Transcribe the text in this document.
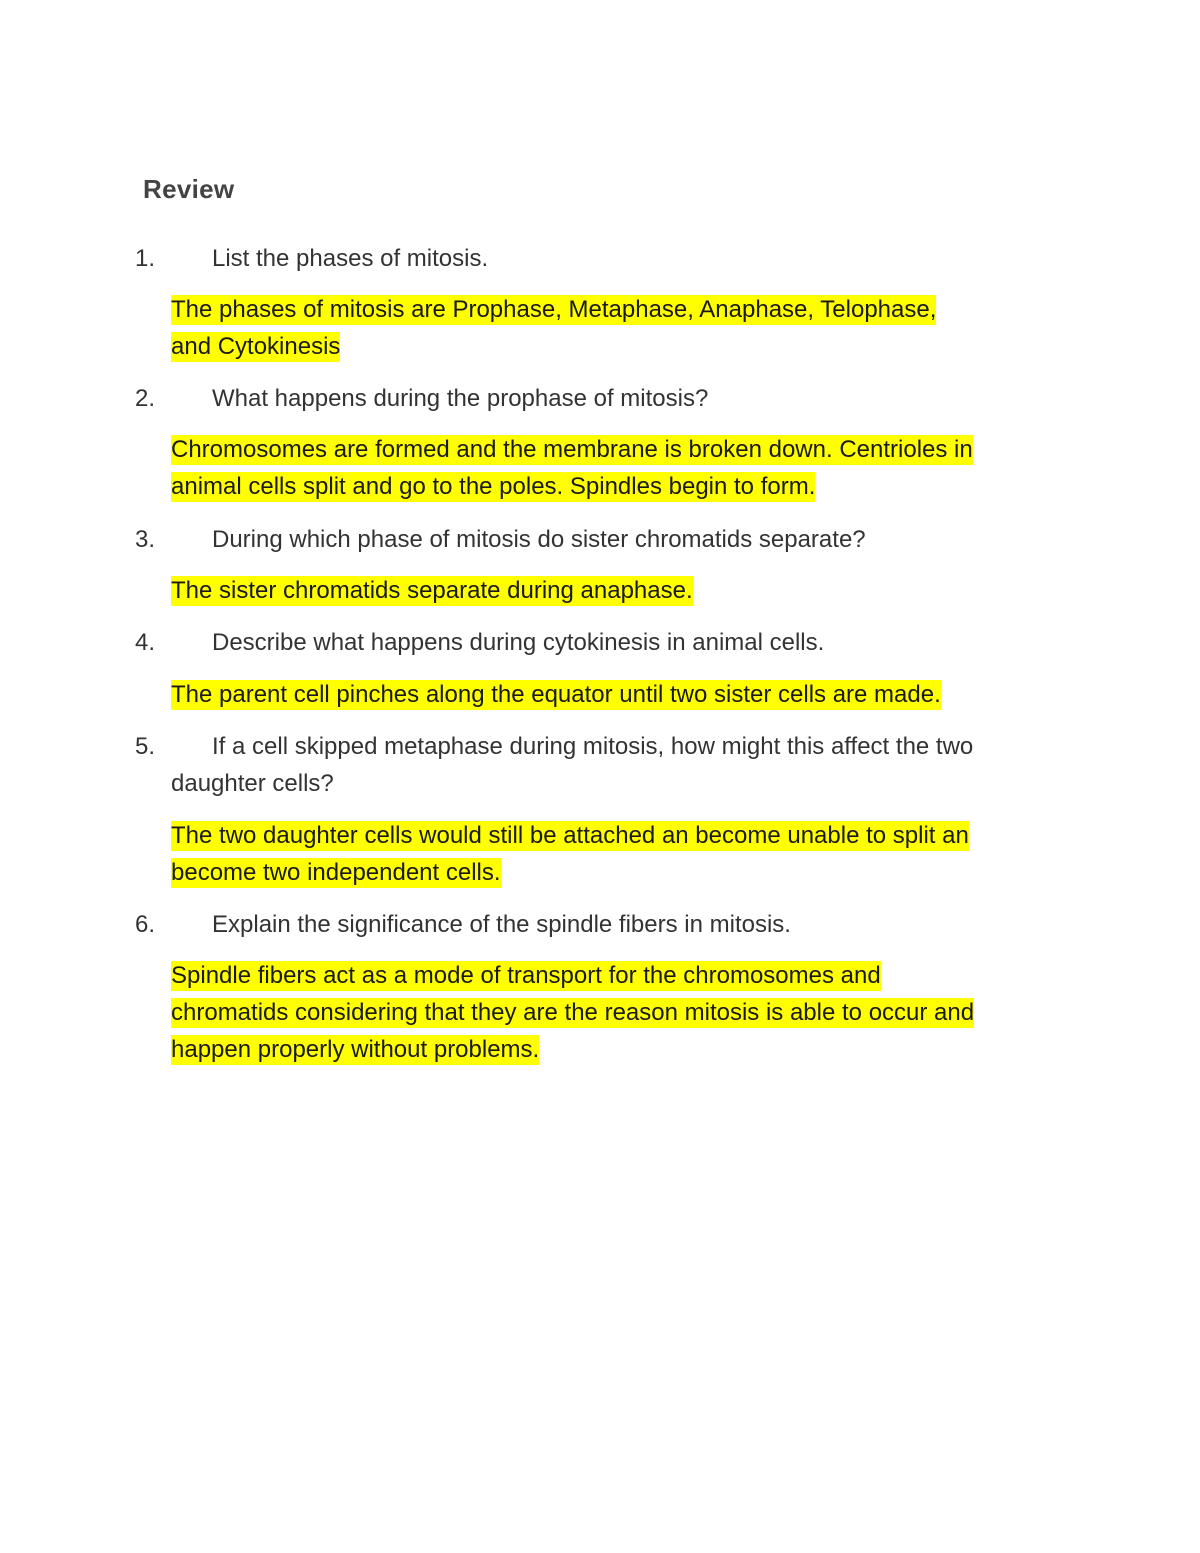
Review
1. List the phases of mitosis.
The phases of mitosis are Prophase, Metaphase, Anaphase, Telophase,
and Cytokinesis
2. What happens during the prophase of mitosis?
Chromosomes are formed and the membrane is broken down. Centrioles in
animal cells split and go to the poles. Spindles begin to form.
3. During which phase of mitosis do sister chromatids separate?
The sister chromatids separate during anaphase.
4. Describe what happens during cytokinesis in animal cells.
The parent cell pinches along the equator until two sister cells are made.
5. If a cell skipped metaphase during mitosis, how might this affect the two
daughter cells?
The two daughter cells would still be attached an become unable to split an
become two independent cells.
6. Explain the significance of the spindle fibers in mitosis.
Spindle fibers act as a mode of transport for the chromosomes and
chromatids considering that they are the reason mitosis is able to occur and
happen properly without problems.
